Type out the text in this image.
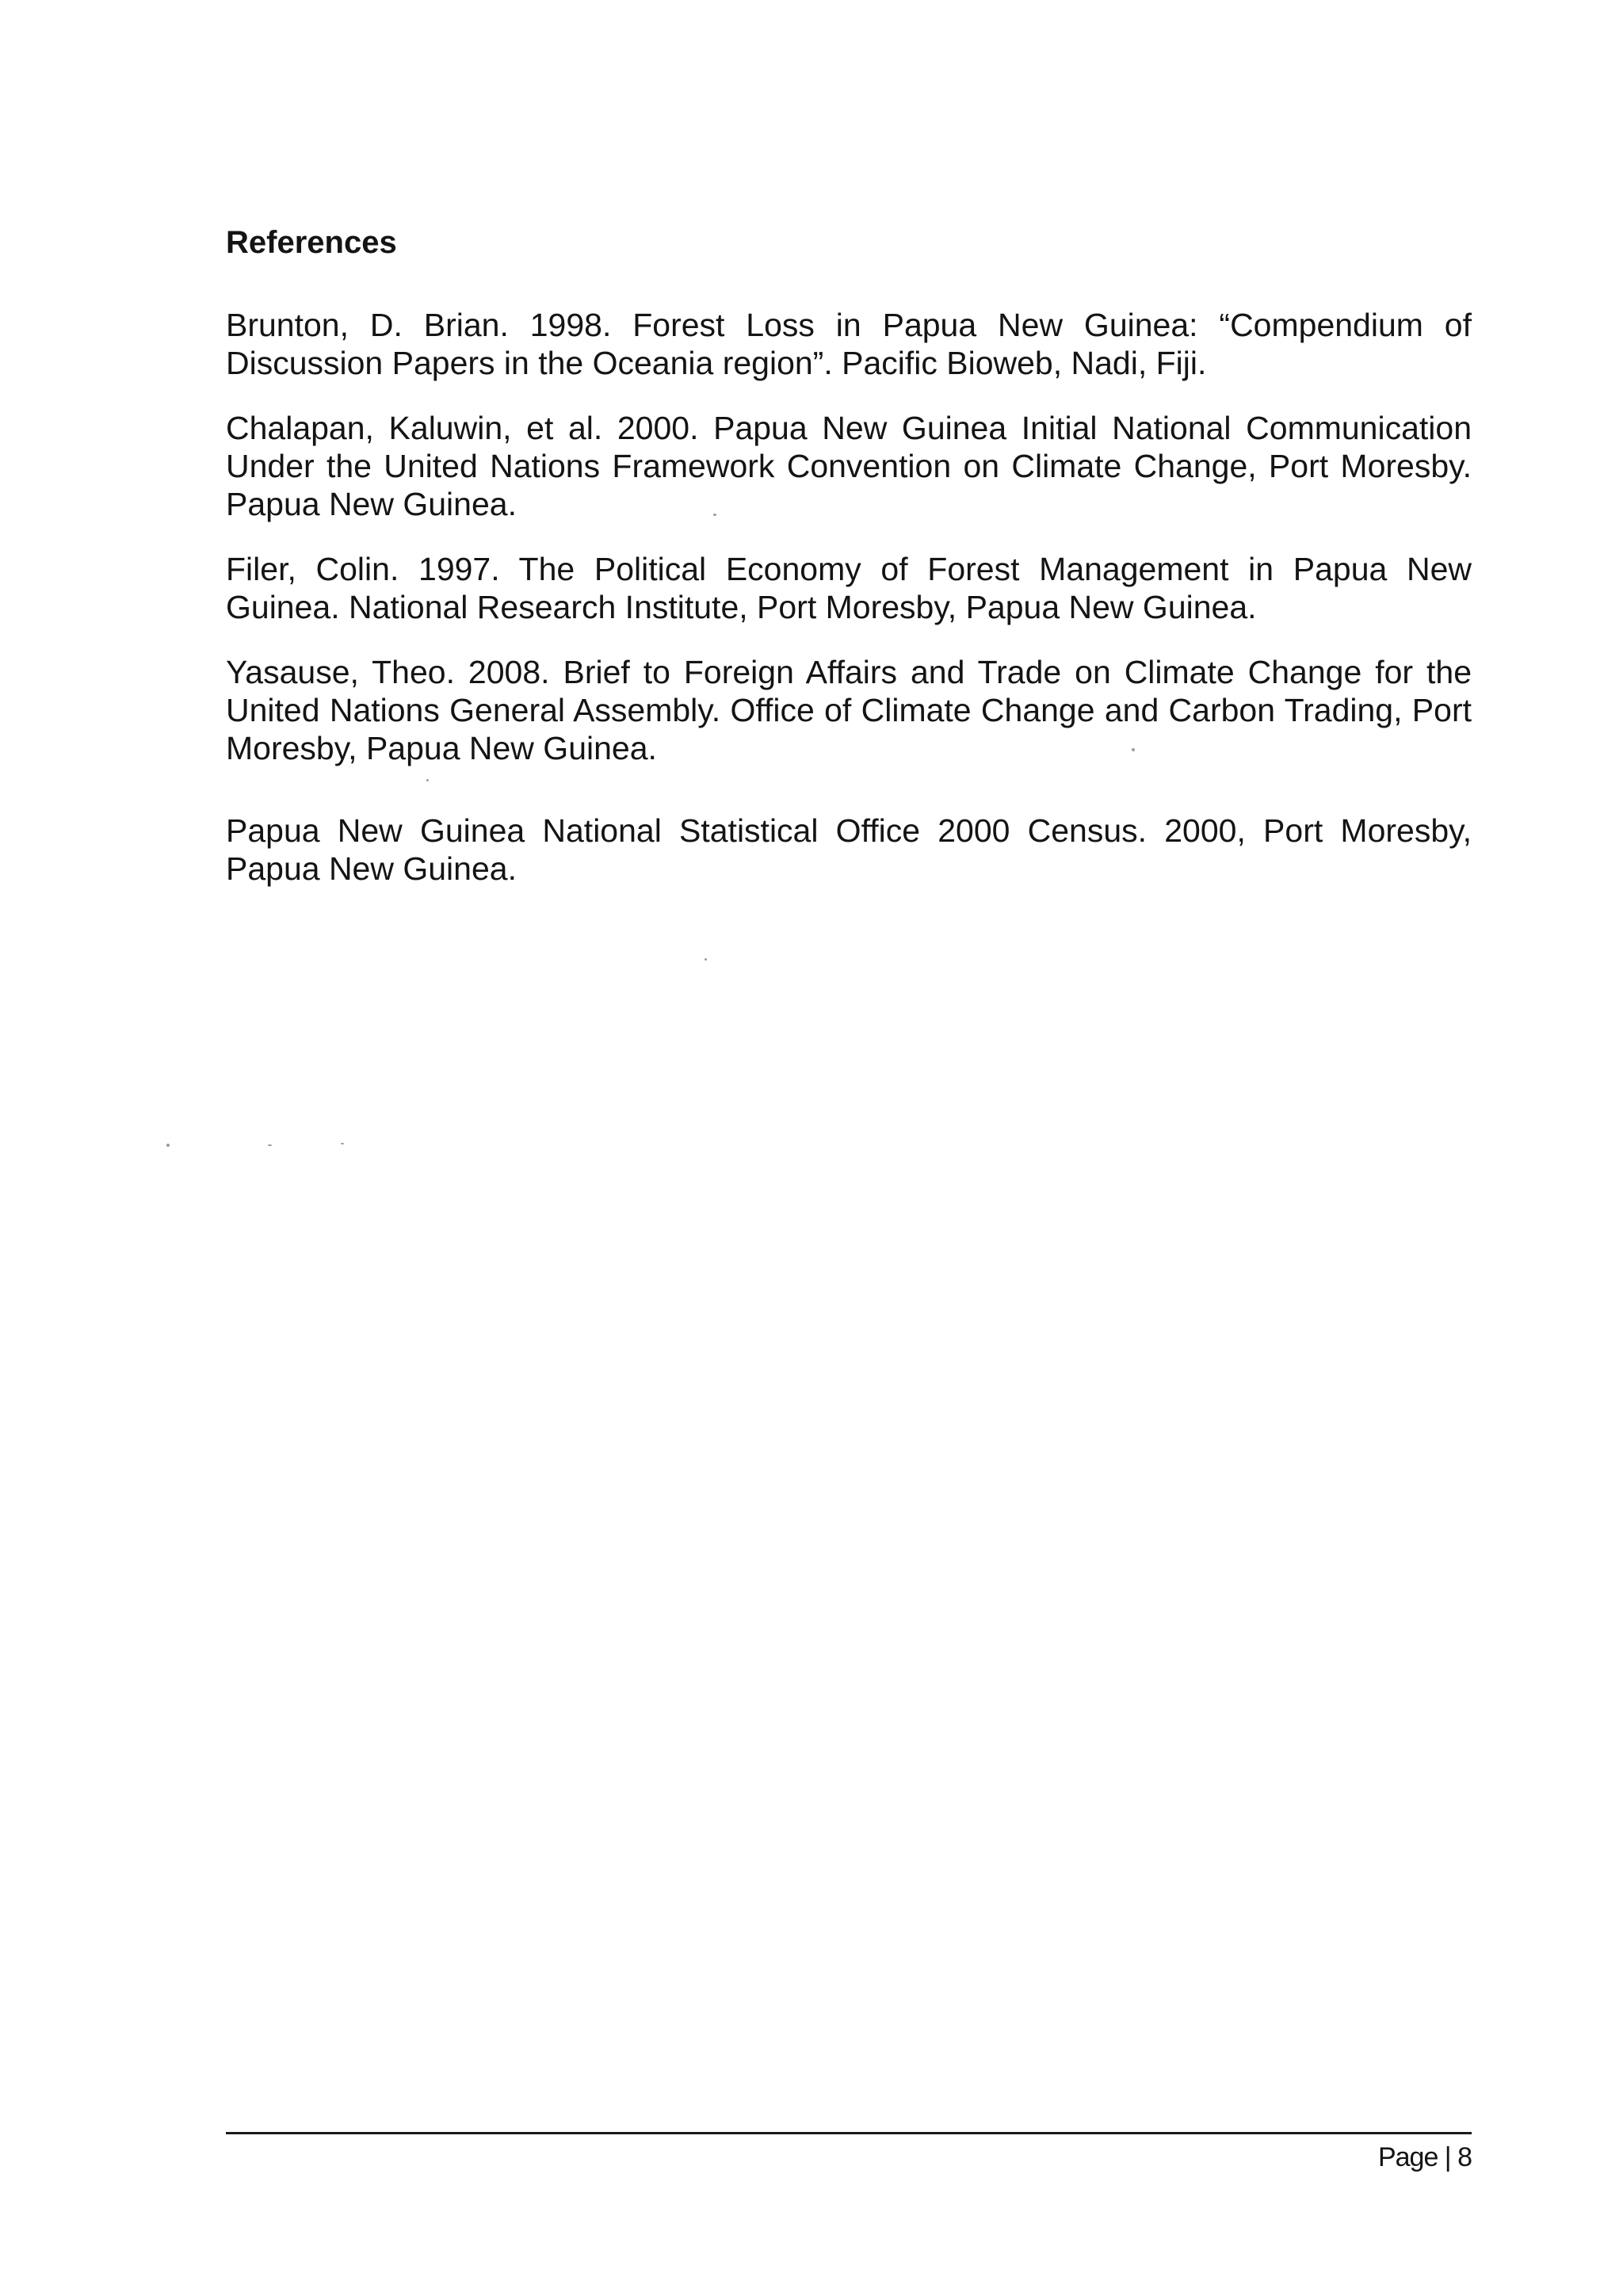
References
Brunton, D. Brian. 1998. Forest Loss in Papua New Guinea: “Compendium of Discussion Papers in the Oceania region”. Pacific Bioweb, Nadi, Fiji.
Chalapan, Kaluwin, et al. 2000. Papua New Guinea Initial National Communication Under the United Nations Framework Convention on Climate Change, Port Moresby. Papua New Guinea.
Filer, Colin. 1997. The Political Economy of Forest Management in Papua New Guinea. National Research Institute, Port Moresby, Papua New Guinea.
Yasause, Theo. 2008. Brief to Foreign Affairs and Trade on Climate Change for the United Nations General Assembly. Office of Climate Change and Carbon Trading, Port Moresby, Papua New Guinea.
Papua New Guinea National Statistical Office 2000 Census. 2000, Port Moresby, Papua New Guinea.
Page | 8
